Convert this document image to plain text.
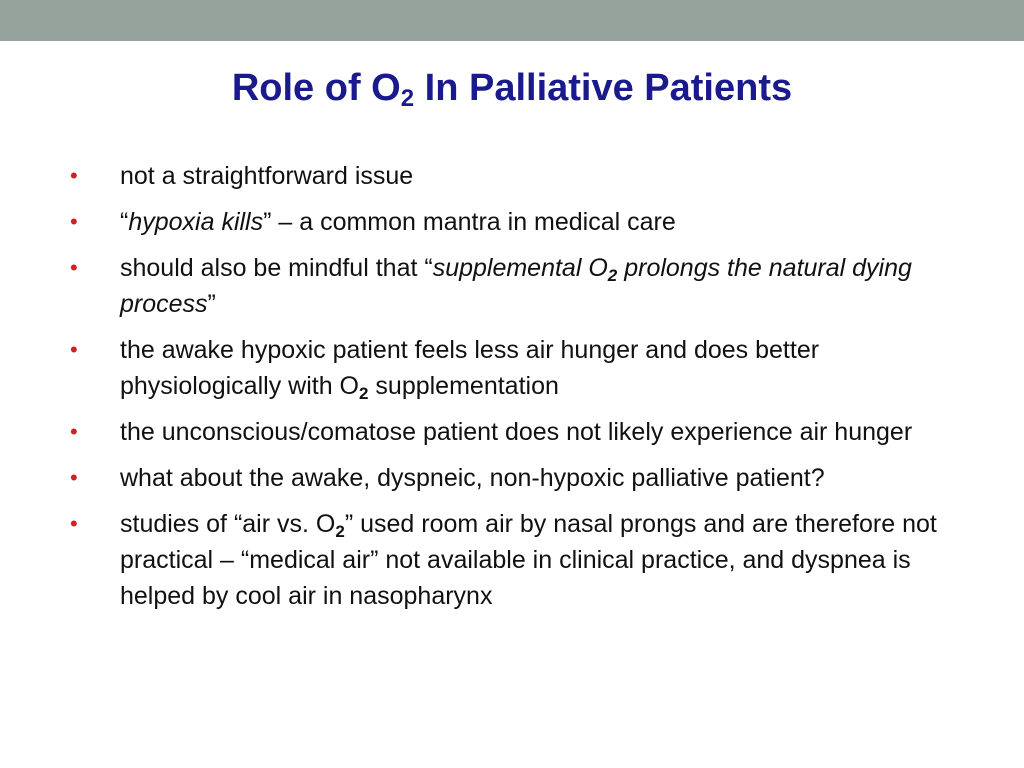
Role of $O_2$ In Palliative Patients
• not a straightforward issue
• “hypoxia kills” – a common mantra in medical care
• should also be mindful that “supplemental $O_2$ prolongs the natural dying process”
• the awake hypoxic patient feels less air hunger and does better physiologically with $O_2$ supplementation
• the unconscious/comatose patient does not likely experience air hunger
• what about the awake, dyspneic, non-hypoxic palliative patient?
• studies of “air vs. $O_2$” used room air by nasal prongs and are therefore not practical – “medical air” not available in clinical practice, and dyspnea is helped by cool air in nasopharynx
